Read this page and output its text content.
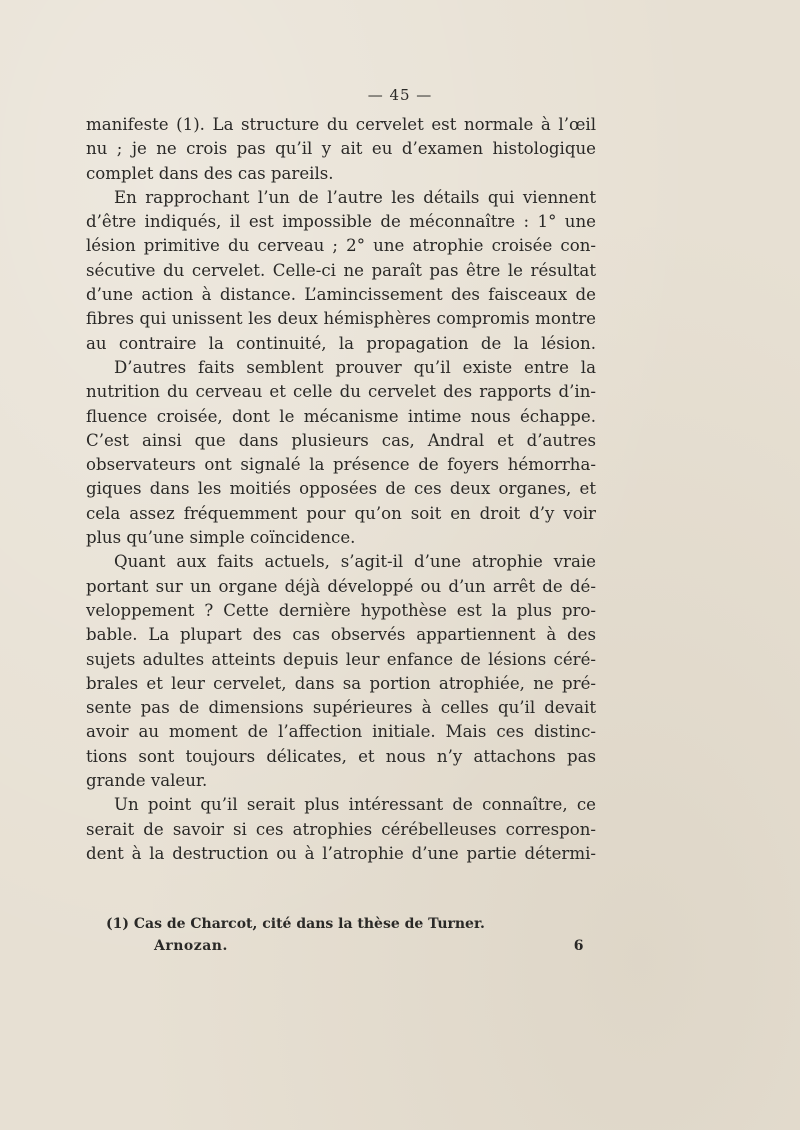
— 45 —
manifeste (1). La structure du cervelet est normale à l’œil
nu ; je ne crois pas qu’il y ait eu d’examen histologique
complet dans des cas pareils.
En rapprochant l’un de l’autre les détails qui viennent
d’être indiqués, il est impossible de méconnaître : 1° une
lésion primitive du cerveau ; 2° une atrophie croisée con-
sécutive du cervelet. Celle-ci ne paraît pas être le résultat
d’une action à distance. L’amincissement des faisceaux de
fibres qui unissent les deux hémisphères compromis montre
au contraire la continuité, la propagation de la lésion.
D’autres faits semblent prouver qu’il existe entre la
nutrition du cerveau et celle du cervelet des rapports d’in-
fluence croisée, dont le mécanisme intime nous échappe.
C’est ainsi que dans plusieurs cas, Andral et d’autres
observateurs ont signalé la présence de foyers hémorrha-
giques dans les moitiés opposées de ces deux organes, et
cela assez fréquemment pour qu’on soit en droit d’y voir
plus qu’une simple coïncidence.
Quant aux faits actuels, s’agit-il d’une atrophie vraie
portant sur un organe déjà développé ou d’un arrêt de dé-
veloppement ? Cette dernière hypothèse est la plus pro-
bable. La plupart des cas observés appartiennent à des
sujets adultes atteints depuis leur enfance de lésions céré-
brales et leur cervelet, dans sa portion atrophiée, ne pré-
sente pas de dimensions supérieures à celles qu’il devait
avoir au moment de l’affection initiale. Mais ces distinc-
tions sont toujours délicates, et nous n’y attachons pas
grande valeur.
Un point qu’il serait plus intéressant de connaître, ce
serait de savoir si ces atrophies cérébelleuses correspon-
dent à la destruction ou à l’atrophie d’une partie détermi-
(1) Cas de Charcot, cité dans la thèse de Turner.
Arnozan.	6
